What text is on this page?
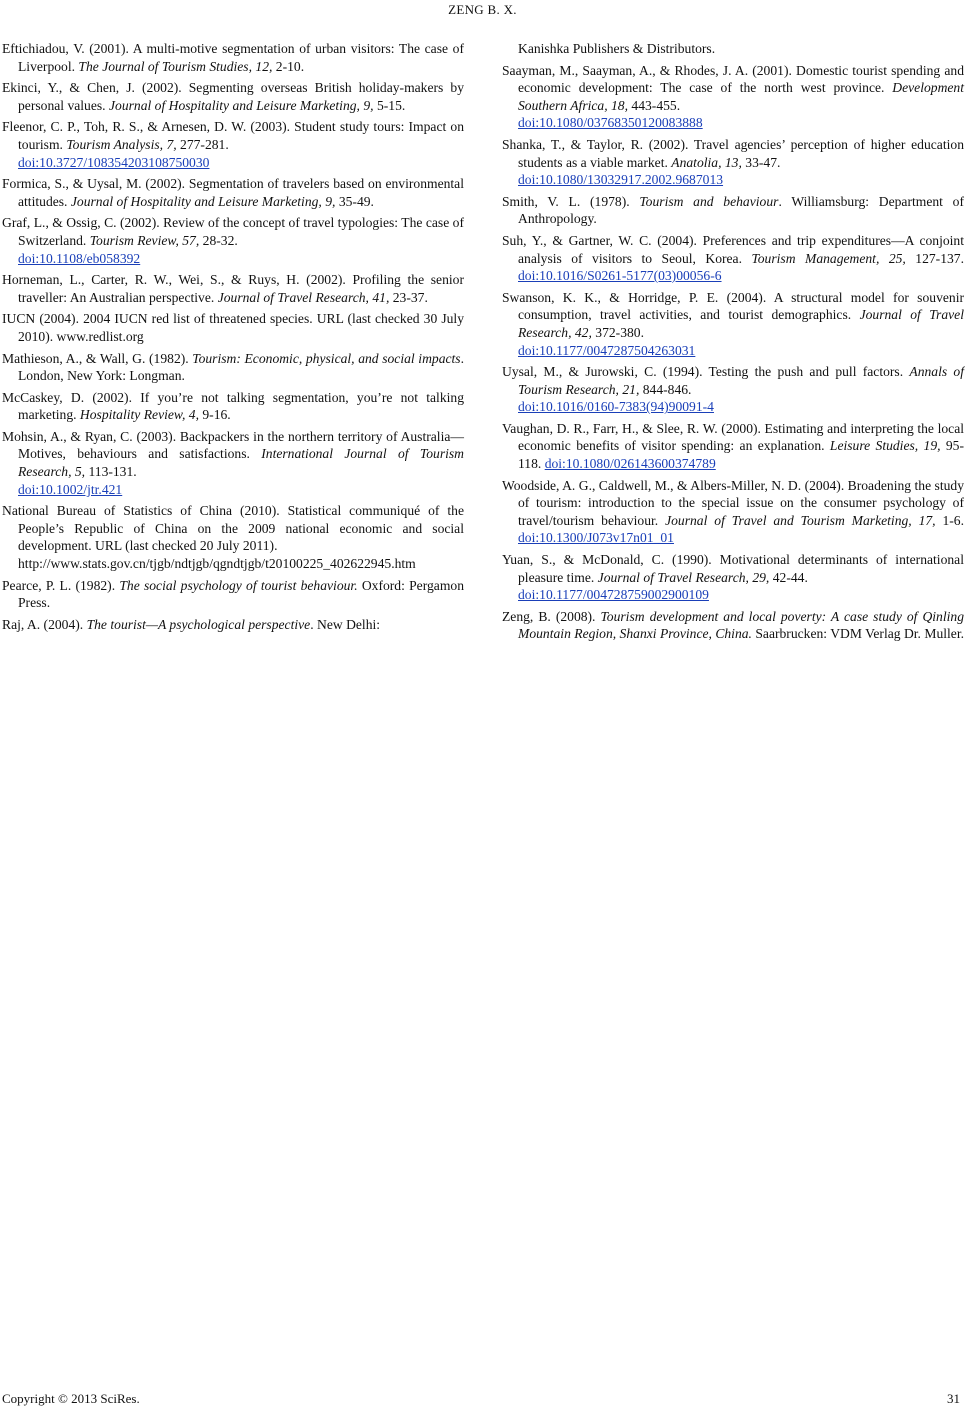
ZENG B. X.

Eftichiadou, V. (2001). A multi-motive segmentation of urban visitors: The case of Liverpool. The Journal of Tourism Studies, 12, 2-10.

Ekinci, Y., & Chen, J. (2002). Segmenting overseas British holiday-makers by personal values. Journal of Hospitality and Leisure Marketing, 9, 5-15.

Fleenor, C. P., Toh, R. S., & Arnesen, D. W. (2003). Student study tours: Impact on tourism. Tourism Analysis, 7, 277-281.
doi:10.3727/108354203108750030

Formica, S., & Uysal, M. (2002). Segmentation of travelers based on environmental attitudes. Journal of Hospitality and Leisure Marketing, 9, 35-49.

Graf, L., & Ossig, C. (2002). Review of the concept of travel typologies: The case of Switzerland. Tourism Review, 57, 28-32.
doi:10.1108/eb058392

Horneman, L., Carter, R. W., Wei, S., & Ruys, H. (2002). Profiling the senior traveller: An Australian perspective. Journal of Travel Research, 41, 23-37.

IUCN (2004). 2004 IUCN red list of threatened species. URL (last checked 30 July 2010). www.redlist.org

Mathieson, A., & Wall, G. (1982). Tourism: Economic, physical, and social impacts. London, New York: Longman.

McCaskey, D. (2002). If you’re not talking segmentation, you’re not talking marketing. Hospitality Review, 4, 9-16.

Mohsin, A., & Ryan, C. (2003). Backpackers in the northern territory of Australia—Motives, behaviours and satisfactions. International Journal of Tourism Research, 5, 113-131.
doi:10.1002/jtr.421

National Bureau of Statistics of China (2010). Statistical communiqué of the People’s Republic of China on the 2009 national economic and social development. URL (last checked 20 July 2011).
http://www.stats.gov.cn/tjgb/ndtjgb/qgndtjgb/t20100225_402622945.htm

Pearce, P. L. (1982). The social psychology of tourist behaviour. Oxford: Pergamon Press.

Raj, A. (2004). The tourist—A psychological perspective. New Delhi:

Kanishka Publishers & Distributors.

Saayman, M., Saayman, A., & Rhodes, J. A. (2001). Domestic tourist spending and economic development: The case of the north west province. Development Southern Africa, 18, 443-455.
doi:10.1080/03768350120083888

Shanka, T., & Taylor, R. (2002). Travel agencies’ perception of higher education students as a viable market. Anatolia, 13, 33-47.
doi:10.1080/13032917.2002.9687013

Smith, V. L. (1978). Tourism and behaviour. Williamsburg: Department of Anthropology.

Suh, Y., & Gartner, W. C. (2004). Preferences and trip expenditures—A conjoint analysis of visitors to Seoul, Korea. Tourism Management, 25, 127-137. doi:10.1016/S0261-5177(03)00056-6

Swanson, K. K., & Horridge, P. E. (2004). A structural model for souvenir consumption, travel activities, and tourist demographics. Journal of Travel Research, 42, 372-380.
doi:10.1177/0047287504263031

Uysal, M., & Jurowski, C. (1994). Testing the push and pull factors. Annals of Tourism Research, 21, 844-846.
doi:10.1016/0160-7383(94)90091-4

Vaughan, D. R., Farr, H., & Slee, R. W. (2000). Estimating and interpreting the local economic benefits of visitor spending: an explanation. Leisure Studies, 19, 95-118. doi:10.1080/026143600374789

Woodside, A. G., Caldwell, M., & Albers-Miller, N. D. (2004). Broadening the study of tourism: introduction to the special issue on the consumer psychology of travel/tourism behaviour. Journal of Travel and Tourism Marketing, 17, 1-6. doi:10.1300/J073v17n01_01

Yuan, S., & McDonald, C. (1990). Motivational determinants of international pleasure time. Journal of Travel Research, 29, 42-44.
doi:10.1177/004728759002900109

Zeng, B. (2008). Tourism development and local poverty: A case study of Qinling Mountain Region, Shanxi Province, China. Saarbrucken: VDM Verlag Dr. Muller.

Copyright © 2013 SciRes.	31
